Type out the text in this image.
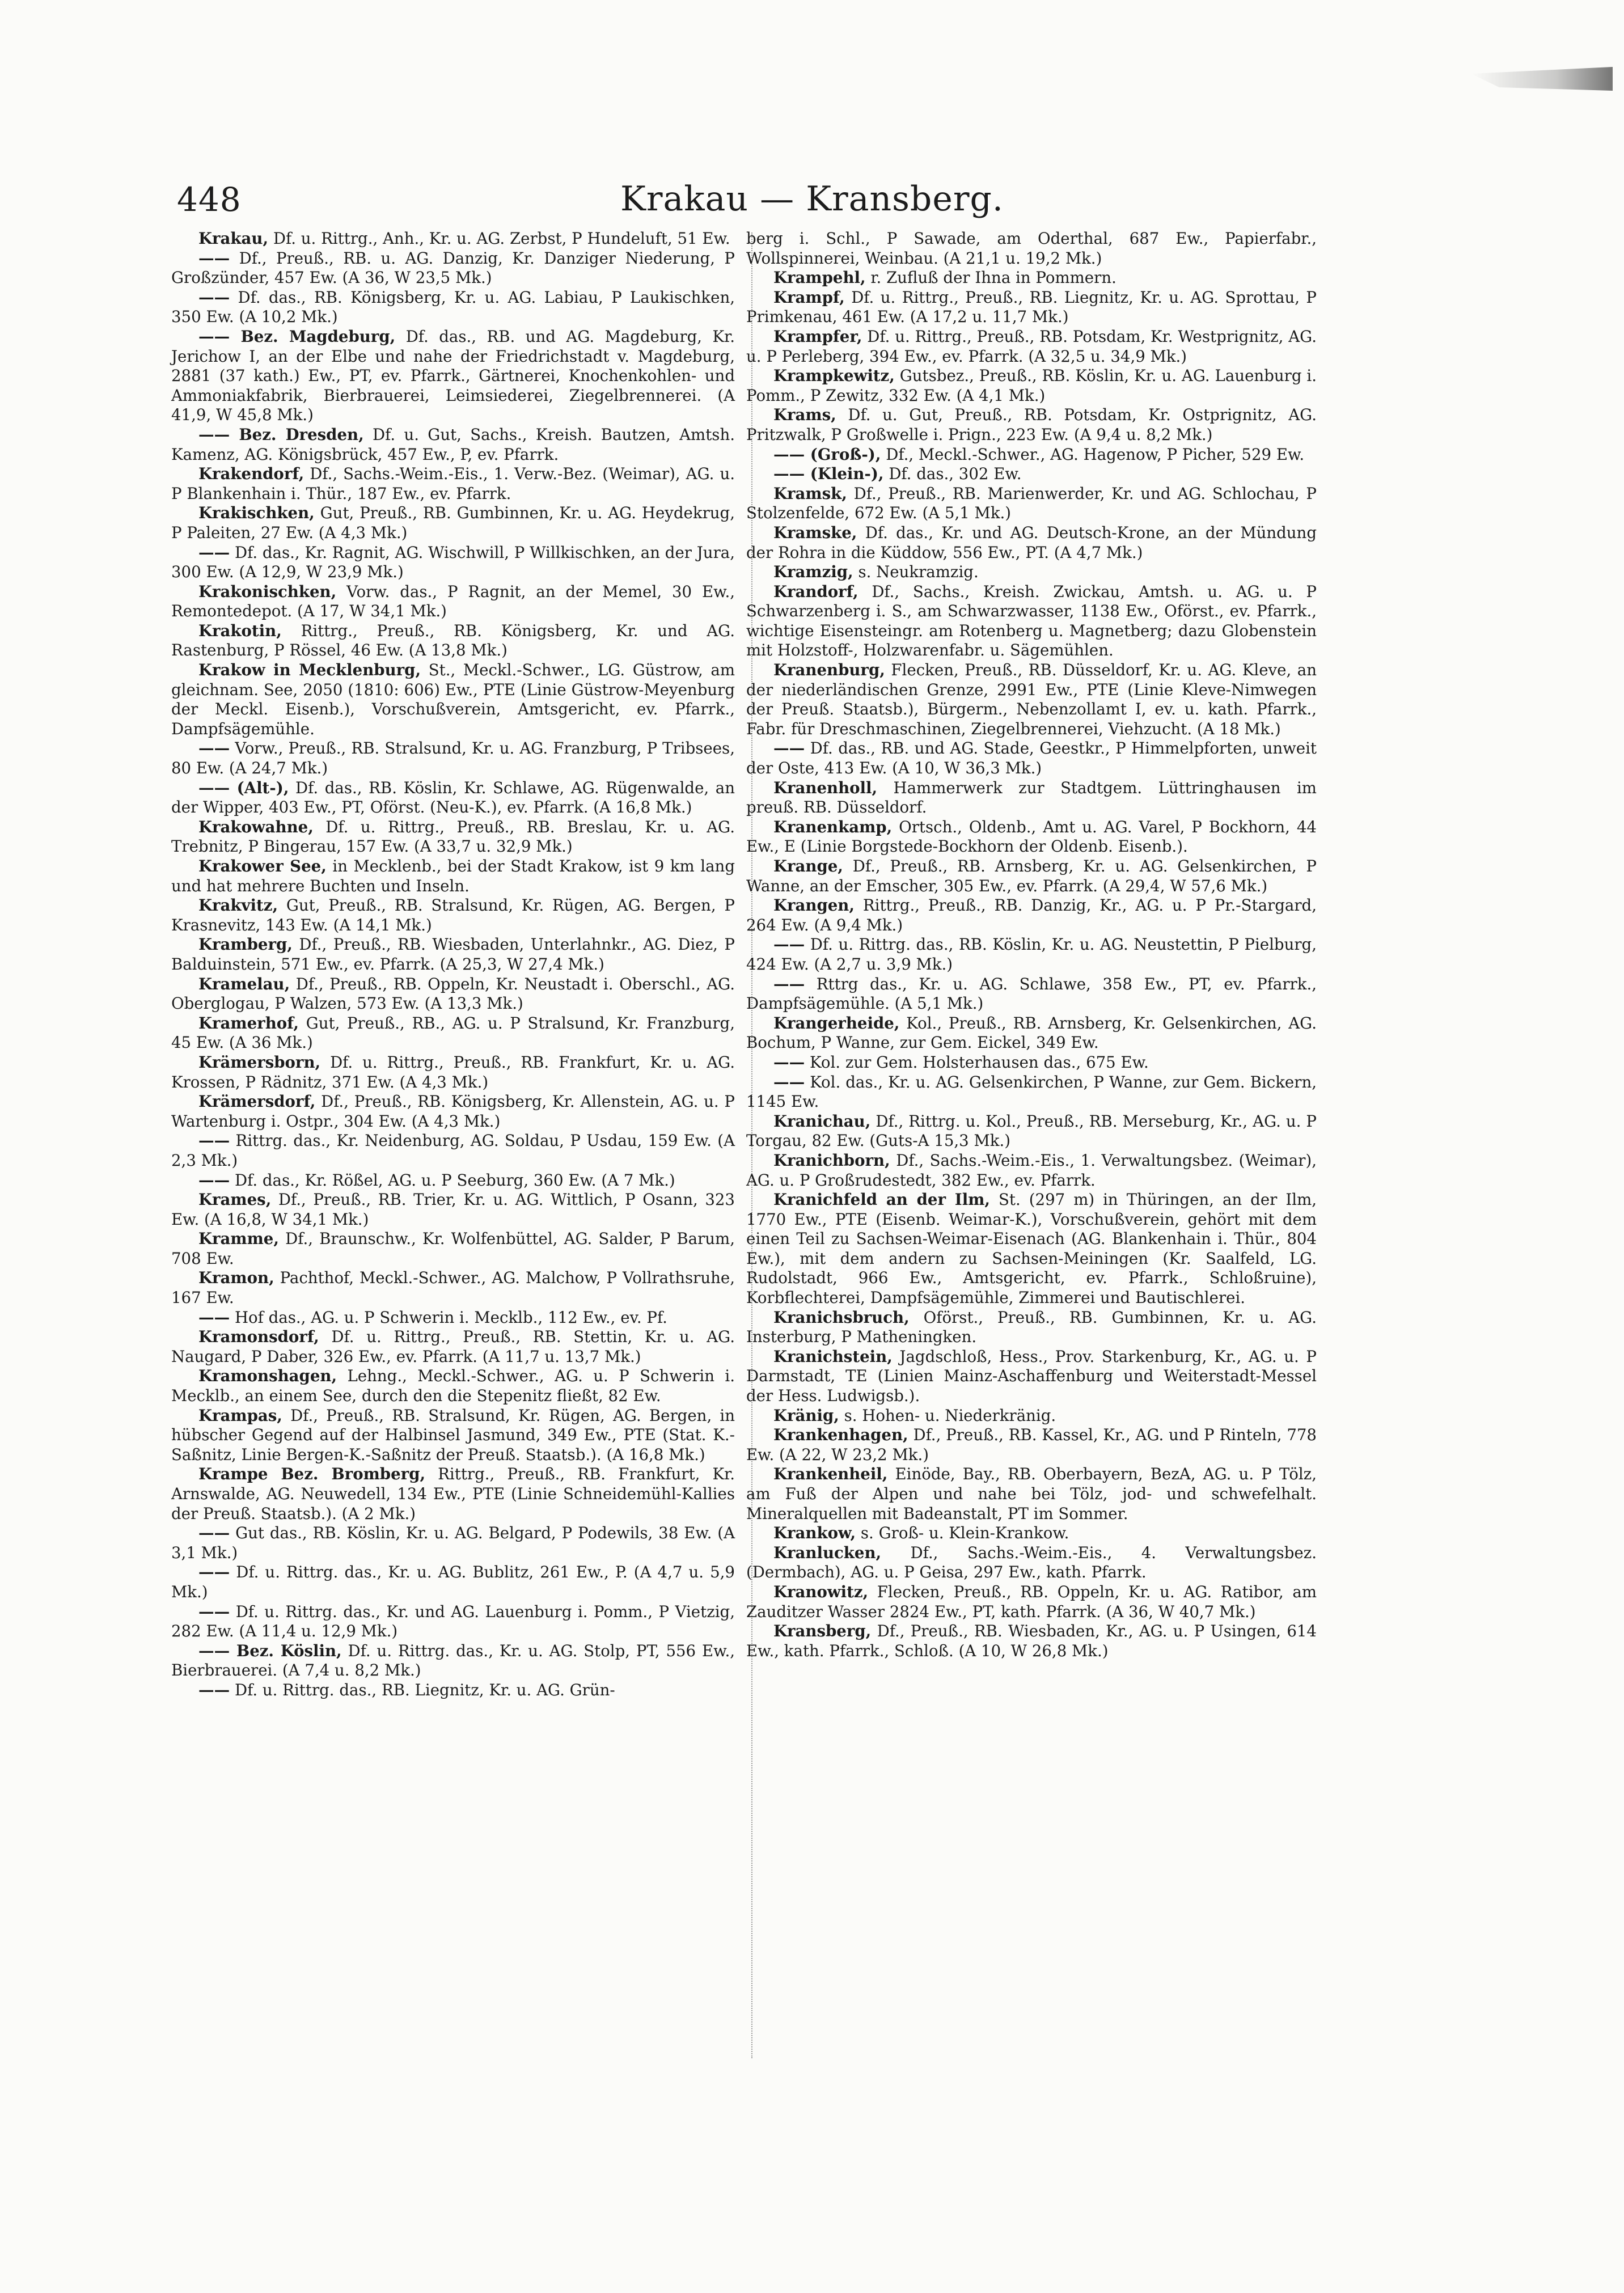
448	Krakau — Kransberg.

Krakau, Df. u. Rittrg., Anh., Kr. u. AG. Zerbst, P Hundeluft, 51 Ew.

—— Df., Preuß., RB. u. AG. Danzig, Kr. Danziger Niederung, P Großzünder, 457 Ew. (A 36, W 23,5 Mk.)

—— Df. das., RB. Königsberg, Kr. u. AG. Labiau, P Laukischken, 350 Ew. (A 10,2 Mk.)

—— Bez. Magdeburg, Df. das., RB. und AG. Magdeburg, Kr. Jerichow I, an der Elbe und nahe der Friedrichstadt v. Magdeburg, 2881 (37 kath.) Ew., PT, ev. Pfarrk., Gärtnerei, Knochenkohlen- und Ammoniakfabrik, Bierbrauerei, Leimsiederei, Ziegelbrennerei. (A 41,9, W 45,8 Mk.)

—— Bez. Dresden, Df. u. Gut, Sachs., Kreish. Bautzen, Amtsh. Kamenz, AG. Königsbrück, 457 Ew., P, ev. Pfarrk.

Krakendorf, Df., Sachs.-Weim.-Eis., 1. Verw.-Bez. (Weimar), AG. u. P Blankenhain i. Thür., 187 Ew., ev. Pfarrk.

Krakischken, Gut, Preuß., RB. Gumbinnen, Kr. u. AG. Heydekrug, P Paleiten, 27 Ew. (A 4,3 Mk.)

—— Df. das., Kr. Ragnit, AG. Wischwill, P Willkischken, an der Jura, 300 Ew. (A 12,9, W 23,9 Mk.)

Krakonischken, Vorw. das., P Ragnit, an der Memel, 30 Ew., Remontedepot. (A 17, W 34,1 Mk.)

Krakotin, Rittrg., Preuß., RB. Königsberg, Kr. und AG. Rastenburg, P Rössel, 46 Ew. (A 13,8 Mk.)

Krakow in Mecklenburg, St., Meckl.-Schwer., LG. Güstrow, am gleichnam. See, 2050 (1810: 606) Ew., PTE (Linie Güstrow-Meyenburg der Meckl. Eisenb.), Vorschußverein, Amtsgericht, ev. Pfarrk., Dampfsägemühle.

—— Vorw., Preuß., RB. Stralsund, Kr. u. AG. Franzburg, P Tribsees, 80 Ew. (A 24,7 Mk.)

—— (Alt-), Df. das., RB. Köslin, Kr. Schlawe, AG. Rügenwalde, an der Wipper, 403 Ew., PT, Oförst. (Neu-K.), ev. Pfarrk. (A 16,8 Mk.)

Krakowahne, Df. u. Rittrg., Preuß., RB. Breslau, Kr. u. AG. Trebnitz, P Bingerau, 157 Ew. (A 33,7 u. 32,9 Mk.)

Krakower See, in Mecklenb., bei der Stadt Krakow, ist 9 km lang und hat mehrere Buchten und Inseln.

Krakvitz, Gut, Preuß., RB. Stralsund, Kr. Rügen, AG. Bergen, P Krasnevitz, 143 Ew. (A 14,1 Mk.)

Kramberg, Df., Preuß., RB. Wiesbaden, Unterlahnkr., AG. Diez, P Balduinstein, 571 Ew., ev. Pfarrk. (A 25,3, W 27,4 Mk.)

Kramelau, Df., Preuß., RB. Oppeln, Kr. Neustadt i. Oberschl., AG. Oberglogau, P Walzen, 573 Ew. (A 13,3 Mk.)

Kramerhof, Gut, Preuß., RB., AG. u. P Stralsund, Kr. Franzburg, 45 Ew. (A 36 Mk.)

Krämersborn, Df. u. Rittrg., Preuß., RB. Frankfurt, Kr. u. AG. Krossen, P Rädnitz, 371 Ew. (A 4,3 Mk.)

Krämersdorf, Df., Preuß., RB. Königsberg, Kr. Allenstein, AG. u. P Wartenburg i. Ostpr., 304 Ew. (A 4,3 Mk.)

—— Rittrg. das., Kr. Neidenburg, AG. Soldau, P Usdau, 159 Ew. (A 2,3 Mk.)

—— Df. das., Kr. Rößel, AG. u. P Seeburg, 360 Ew. (A 7 Mk.)

Krames, Df., Preuß., RB. Trier, Kr. u. AG. Wittlich, P Osann, 323 Ew. (A 16,8, W 34,1 Mk.)

Kramme, Df., Braunschw., Kr. Wolfenbüttel, AG. Salder, P Barum, 708 Ew.

Kramon, Pachthof, Meckl.-Schwer., AG. Malchow, P Vollrathsruhe, 167 Ew.

—— Hof das., AG. u. P Schwerin i. Mecklb., 112 Ew., ev. Pf.

Kramonsdorf, Df. u. Rittrg., Preuß., RB. Stettin, Kr. u. AG. Naugard, P Daber, 326 Ew., ev. Pfarrk. (A 11,7 u. 13,7 Mk.)

Kramonshagen, Lehng., Meckl.-Schwer., AG. u. P Schwerin i. Mecklb., an einem See, durch den die Stepenitz fließt, 82 Ew.

Krampas, Df., Preuß., RB. Stralsund, Kr. Rügen, AG. Bergen, in hübscher Gegend auf der Halbinsel Jasmund, 349 Ew., PTE (Stat. K.-Saßnitz, Linie Bergen-K.-Saßnitz der Preuß. Staatsb.). (A 16,8 Mk.)

Krampe Bez. Bromberg, Rittrg., Preuß., RB. Frankfurt, Kr. Arnswalde, AG. Neuwedell, 134 Ew., PTE (Linie Schneidemühl-Kallies der Preuß. Staatsb.). (A 2 Mk.)

—— Gut das., RB. Köslin, Kr. u. AG. Belgard, P Podewils, 38 Ew. (A 3,1 Mk.)

—— Df. u. Rittrg. das., Kr. u. AG. Bublitz, 261 Ew., P. (A 4,7 u. 5,9 Mk.)

—— Df. u. Rittrg. das., Kr. und AG. Lauenburg i. Pomm., P Vietzig, 282 Ew. (A 11,4 u. 12,9 Mk.)

—— Bez. Köslin, Df. u. Rittrg. das., Kr. u. AG. Stolp, PT, 556 Ew., Bierbrauerei. (A 7,4 u. 8,2 Mk.)

—— Df. u. Rittrg. das., RB. Liegnitz, Kr. u. AG. Grün-

berg i. Schl., P Sawade, am Oderthal, 687 Ew., Papierfabr., Wollspinnerei, Weinbau. (A 21,1 u. 19,2 Mk.)

Krampehl, r. Zufluß der Ihna in Pommern.

Krampf, Df. u. Rittrg., Preuß., RB. Liegnitz, Kr. u. AG. Sprottau, P Primkenau, 461 Ew. (A 17,2 u. 11,7 Mk.)

Krampfer, Df. u. Rittrg., Preuß., RB. Potsdam, Kr. Westprignitz, AG. u. P Perleberg, 394 Ew., ev. Pfarrk. (A 32,5 u. 34,9 Mk.)

Krampkewitz, Gutsbez., Preuß., RB. Köslin, Kr. u. AG. Lauenburg i. Pomm., P Zewitz, 332 Ew. (A 4,1 Mk.)

Krams, Df. u. Gut, Preuß., RB. Potsdam, Kr. Ostprignitz, AG. Pritzwalk, P Großwelle i. Prign., 223 Ew. (A 9,4 u. 8,2 Mk.)

—— (Groß-), Df., Meckl.-Schwer., AG. Hagenow, P Picher, 529 Ew.

—— (Klein-), Df. das., 302 Ew.

Kramsk, Df., Preuß., RB. Marienwerder, Kr. und AG. Schlochau, P Stolzenfelde, 672 Ew. (A 5,1 Mk.)

Kramske, Df. das., Kr. und AG. Deutsch-Krone, an der Mündung der Rohra in die Küddow, 556 Ew., PT. (A 4,7 Mk.)

Kramzig, s. Neukramzig.

Krandorf, Df., Sachs., Kreish. Zwickau, Amtsh. u. AG. u. P Schwarzenberg i. S., am Schwarzwasser, 1138 Ew., Oförst., ev. Pfarrk., wichtige Eisensteingr. am Rotenberg u. Magnetberg; dazu Globenstein mit Holzstoff-, Holzwarenfabr. u. Sägemühlen.

Kranenburg, Flecken, Preuß., RB. Düsseldorf, Kr. u. AG. Kleve, an der niederländischen Grenze, 2991 Ew., PTE (Linie Kleve-Nimwegen der Preuß. Staatsb.), Bürgerm., Nebenzollamt I, ev. u. kath. Pfarrk., Fabr. für Dreschmaschinen, Ziegelbrennerei, Viehzucht. (A 18 Mk.)

—— Df. das., RB. und AG. Stade, Geestkr., P Himmelpforten, unweit der Oste, 413 Ew. (A 10, W 36,3 Mk.)

Kranenholl, Hammerwerk zur Stadtgem. Lüttringhausen im preuß. RB. Düsseldorf.

Kranenkamp, Ortsch., Oldenb., Amt u. AG. Varel, P Bockhorn, 44 Ew., E (Linie Borgstede-Bockhorn der Oldenb. Eisenb.).

Krange, Df., Preuß., RB. Arnsberg, Kr. u. AG. Gelsenkirchen, P Wanne, an der Emscher, 305 Ew., ev. Pfarrk. (A 29,4, W 57,6 Mk.)

Krangen, Rittrg., Preuß., RB. Danzig, Kr., AG. u. P Pr.-Stargard, 264 Ew. (A 9,4 Mk.)

—— Df. u. Rittrg. das., RB. Köslin, Kr. u. AG. Neustettin, P Pielburg, 424 Ew. (A 2,7 u. 3,9 Mk.)

—— Rttrg das., Kr. u. AG. Schlawe, 358 Ew., PT, ev. Pfarrk., Dampfsägemühle. (A 5,1 Mk.)

Krangerheide, Kol., Preuß., RB. Arnsberg, Kr. Gelsenkirchen, AG. Bochum, P Wanne, zur Gem. Eickel, 349 Ew.

—— Kol. zur Gem. Holsterhausen das., 675 Ew.

—— Kol. das., Kr. u. AG. Gelsenkirchen, P Wanne, zur Gem. Bickern, 1145 Ew.

Kranichau, Df., Rittrg. u. Kol., Preuß., RB. Merseburg, Kr., AG. u. P Torgau, 82 Ew. (Guts-A 15,3 Mk.)

Kranichborn, Df., Sachs.-Weim.-Eis., 1. Verwaltungsbez. (Weimar), AG. u. P Großrudestedt, 382 Ew., ev. Pfarrk.

Kranichfeld an der Ilm, St. (297 m) in Thüringen, an der Ilm, 1770 Ew., PTE (Eisenb. Weimar-K.), Vorschußverein, gehört mit dem einen Teil zu Sachsen-Weimar-Eisenach (AG. Blankenhain i. Thür., 804 Ew.), mit dem andern zu Sachsen-Meiningen (Kr. Saalfeld, LG. Rudolstadt, 966 Ew., Amtsgericht, ev. Pfarrk., Schloßruine), Korbflechterei, Dampfsägemühle, Zimmerei und Bautischlerei.

Kranichsbruch, Oförst., Preuß., RB. Gumbinnen, Kr. u. AG. Insterburg, P Matheningken.

Kranichstein, Jagdschloß, Hess., Prov. Starkenburg, Kr., AG. u. P Darmstadt, TE (Linien Mainz-Aschaffenburg und Weiterstadt-Messel der Hess. Ludwigsb.).

Kränig, s. Hohen- u. Niederkränig.

Krankenhagen, Df., Preuß., RB. Kassel, Kr., AG. und P Rinteln, 778 Ew. (A 22, W 23,2 Mk.)

Krankenheil, Einöde, Bay., RB. Oberbayern, BezA, AG. u. P Tölz, am Fuß der Alpen und nahe bei Tölz, jod- und schwefelhalt. Mineralquellen mit Badeanstalt, PT im Sommer.

Krankow, s. Groß- u. Klein-Krankow.

Kranlucken, Df., Sachs.-Weim.-Eis., 4. Verwaltungsbez. (Dermbach), AG. u. P Geisa, 297 Ew., kath. Pfarrk.

Kranowitz, Flecken, Preuß., RB. Oppeln, Kr. u. AG. Ratibor, am Zauditzer Wasser 2824 Ew., PT, kath. Pfarrk. (A 36, W 40,7 Mk.)

Kransberg, Df., Preuß., RB. Wiesbaden, Kr., AG. u. P Usingen, 614 Ew., kath. Pfarrk., Schloß. (A 10, W 26,8 Mk.)
